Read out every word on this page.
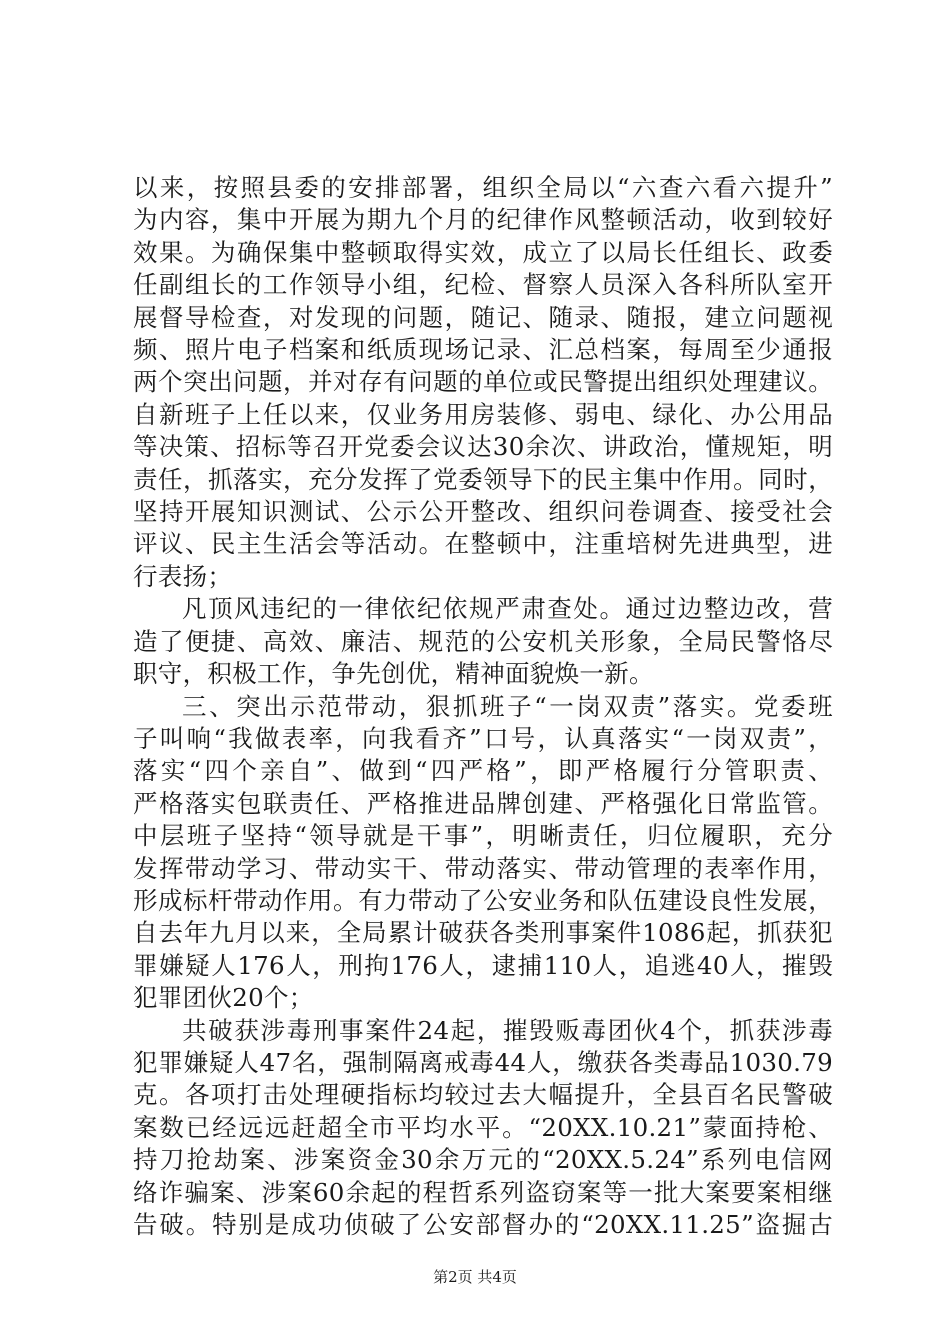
以来，按照县委的安排部署，组织全局以“六查六看六提升”
为内容，集中开展为期九个月的纪律作风整顿活动，收到较好
效果。为确保集中整顿取得实效，成立了以局长任组长、政委
任副组长的工作领导小组，纪检、督察人员深入各科所队室开
展督导检查，对发现的问题，随记、随录、随报，建立问题视
频、照片电子档案和纸质现场记录、汇总档案，每周至少通报
两个突出问题，并对存有问题的单位或民警提出组织处理建议。
自新班子上任以来，仅业务用房装修、弱电、绿化、办公用品
等决策、招标等召开党委会议达30余次、讲政治，懂规矩，明
责任，抓落实，充分发挥了党委领导下的民主集中作用。同时，
坚持开展知识测试、公示公开整改、组织问卷调查、接受社会
评议、民主生活会等活动。在整顿中，注重培树先进典型，进
行表扬；
凡顶风违纪的一律依纪依规严肃查处。通过边整边改，营
造了便捷、高效、廉洁、规范的公安机关形象，全局民警恪尽
职守，积极工作，争先创优，精神面貌焕一新。
三、突出示范带动，狠抓班子“一岗双责”落实。党委班
子叫响“我做表率，向我看齐”口号，认真落实“一岗双责”，
落实“四个亲自”、做到“四严格”，即严格履行分管职责、
严格落实包联责任、严格推进品牌创建、严格强化日常监管。
中层班子坚持“领导就是干事”，明晰责任，归位履职，充分
发挥带动学习、带动实干、带动落实、带动管理的表率作用，
形成标杆带动作用。有力带动了公安业务和队伍建设良性发展，
自去年九月以来，全局累计破获各类刑事案件1086起，抓获犯
罪嫌疑人176人，刑拘176人，逮捕110人，追逃40人，摧毁
犯罪团伙20个；
共破获涉毒刑事案件24起，摧毁贩毒团伙4个，抓获涉毒
犯罪嫌疑人47名，强制隔离戒毒44人，缴获各类毒品1030.79
克。各项打击处理硬指标均较过去大幅提升，全县百名民警破
案数已经远远赶超全市平均水平。“20XX.10.21”蒙面持枪、
持刀抢劫案、涉案资金30余万元的“20XX.5.24”系列电信网
络诈骗案、涉案60余起的程哲系列盗窃案等一批大案要案相继
告破。特别是成功侦破了公安部督办的“20XX.11.25”盗掘古
第2页 共4页
